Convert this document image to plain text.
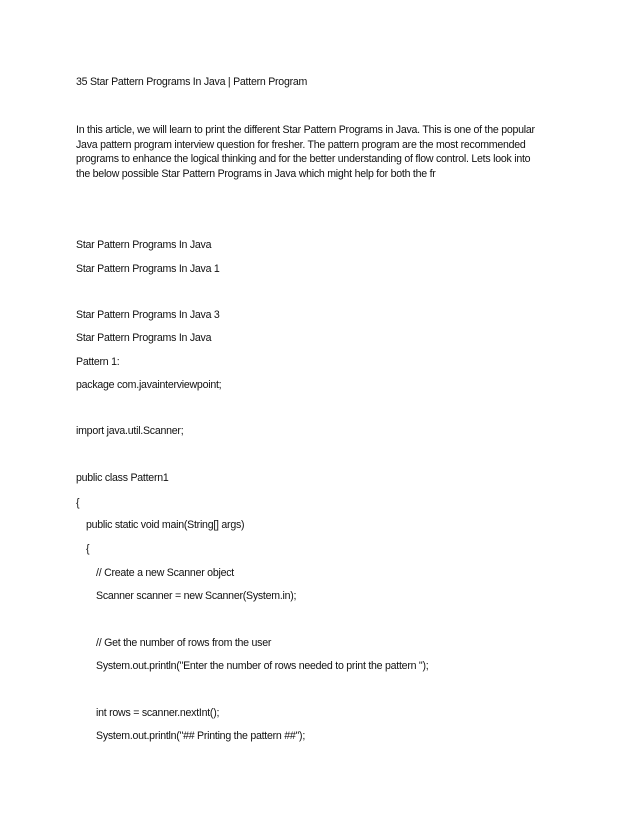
35 Star Pattern Programs In Java | Pattern Program
In this article, we will learn to print the different Star Pattern Programs in Java. This is one of the popular
Java pattern program interview question for fresher. The pattern program are the most recommended
programs to enhance the logical thinking and for the better understanding of flow control. Lets look into
the below possible Star Pattern Programs in Java which might help for both the fr
Star Pattern Programs In Java
Star Pattern Programs In Java 1
Star Pattern Programs In Java 3
Star Pattern Programs In Java
Pattern 1:
package com.javainterviewpoint;
import java.util.Scanner;
public class Pattern1
{
public static void main(String[] args)
{
// Create a new Scanner object
Scanner scanner = new Scanner(System.in);
// Get the number of rows from the user
System.out.println("Enter the number of rows needed to print the pattern ");
int rows = scanner.nextInt();
System.out.println("## Printing the pattern ##");
